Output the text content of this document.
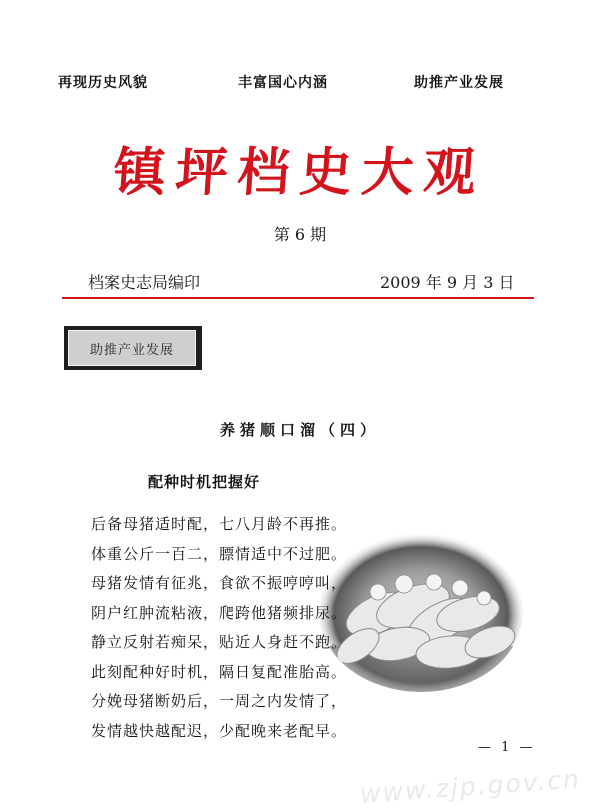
再现历史风貌	丰富国心内涵	助推产业发展
镇坪档史大观
第 6 期
档案史志局编印	2009 年 9 月 3 日
助推产业发展
养猪顺口溜（四）
配种时机把握好
后备母猪适时配，七八月龄不再推。
体重公斤一百二，膘情适中不过肥。
母猪发情有征兆，食欲不振哼哼叫，
阴户红肿流粘液，爬跨他猪频排尿。
静立反射若痴呆，贴近人身赶不跑。
此刻配种好时机，隔日复配准胎高。
分娩母猪断奶后，一周之内发情了，
发情越快越配迟，少配晚来老配早。
— 1 —
www.zjp.gov.cn
